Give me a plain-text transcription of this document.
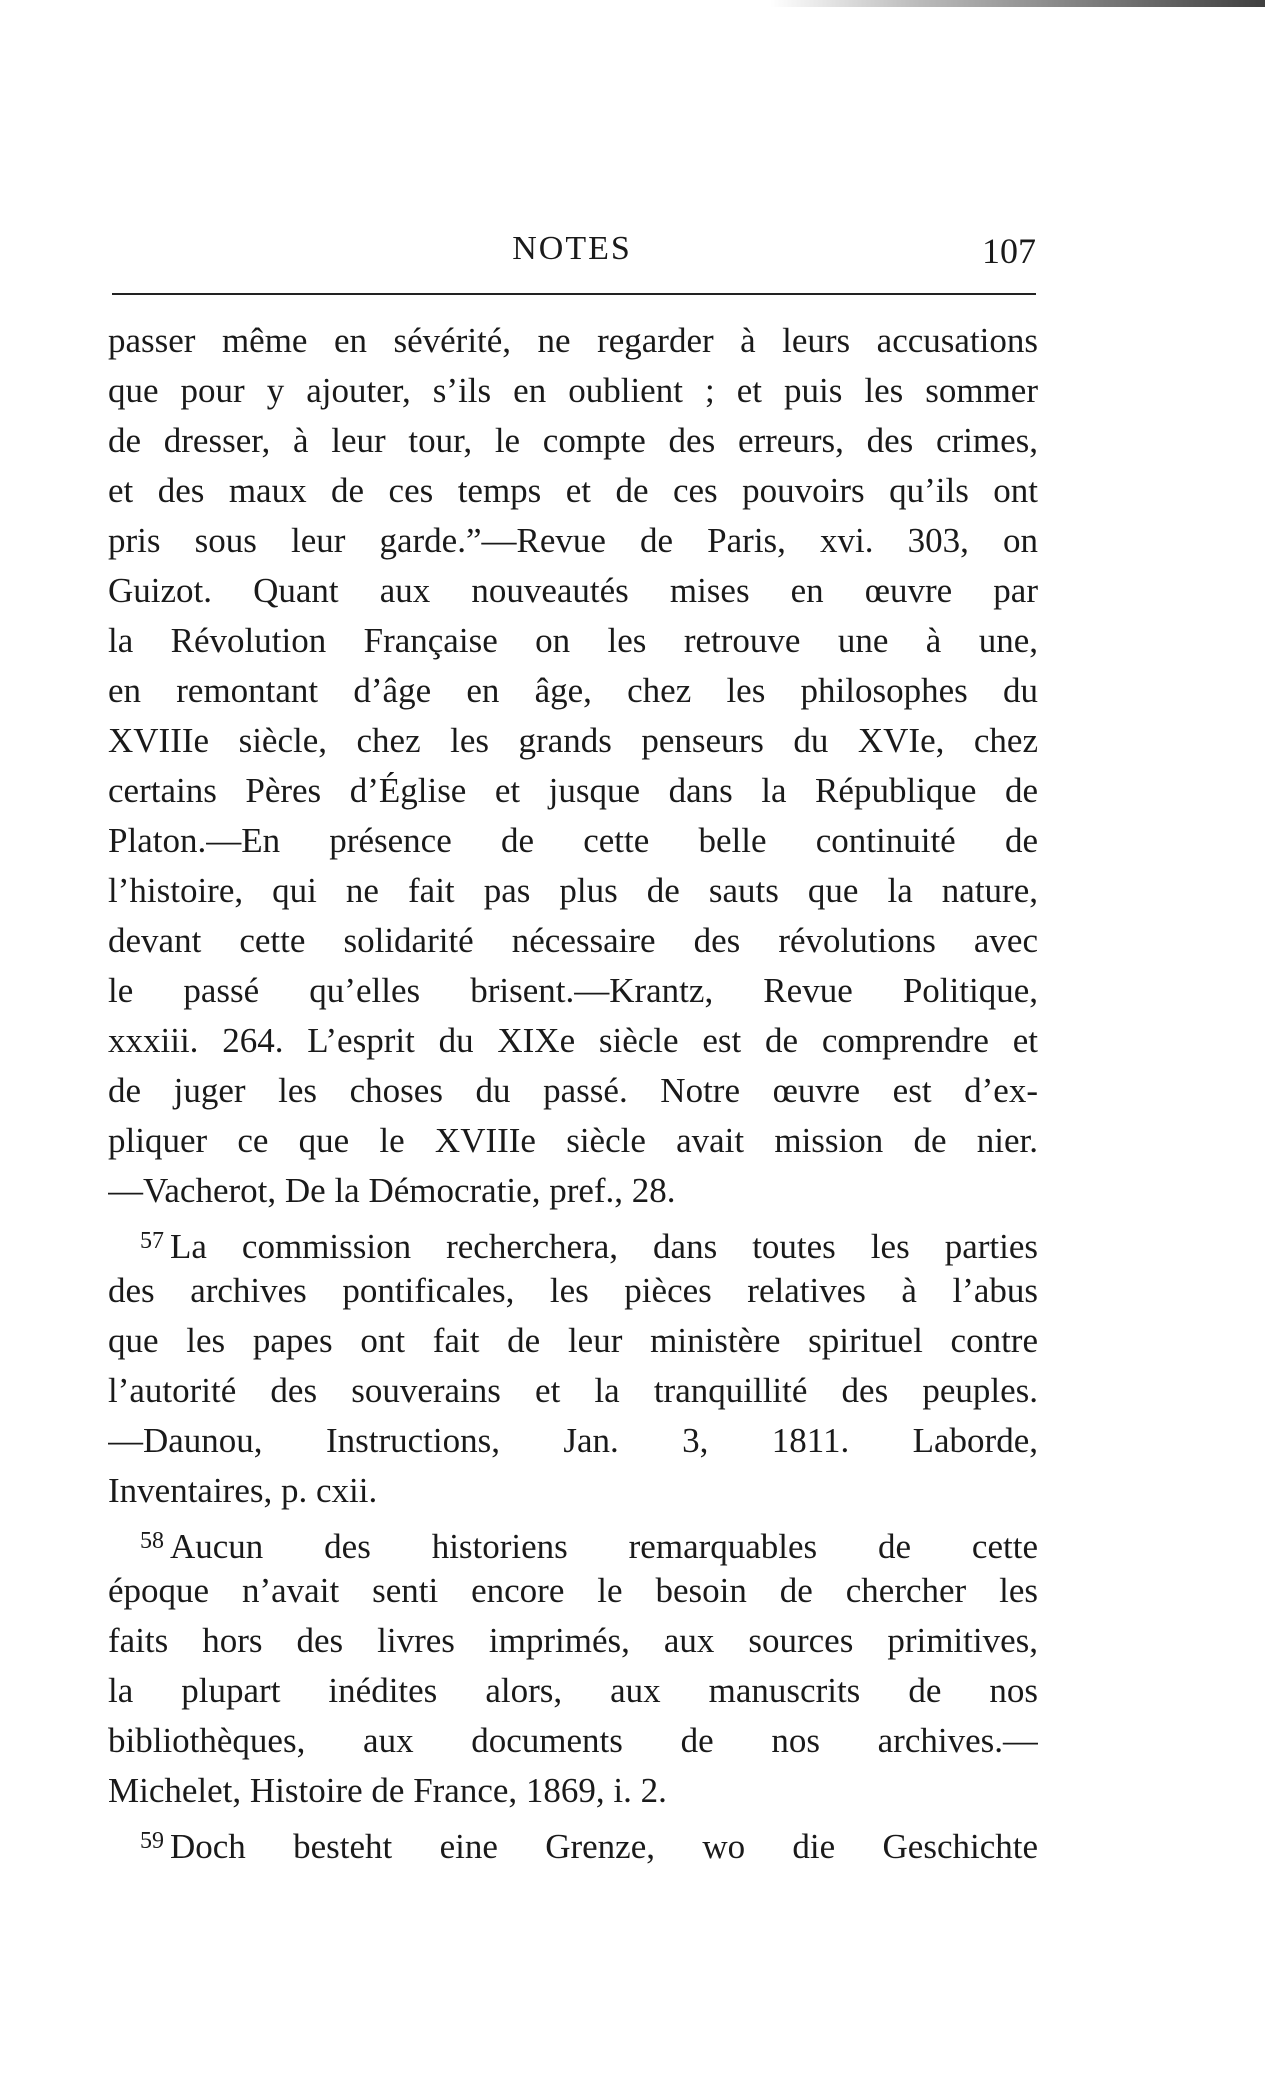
NOTES	107
passer même en sévérité, ne regarder à leurs accusations
que pour y ajouter, s’ils en oublient ; et puis les sommer
de dresser, à leur tour, le compte des erreurs, des crimes,
et des maux de ces temps et de ces pouvoirs qu’ils ont
pris sous leur garde.”—Revue de Paris, xvi. 303, on
Guizot. Quant aux nouveautés mises en œuvre par
la Révolution Française on les retrouve une à une,
en remontant d’âge en âge, chez les philosophes du
XVIIIe siècle, chez les grands penseurs du XVIe, chez
certains Pères d’Église et jusque dans la République de
Platon.—En présence de cette belle continuité de
l’histoire, qui ne fait pas plus de sauts que la nature,
devant cette solidarité nécessaire des révolutions avec
le passé qu’elles brisent.—Krantz, Revue Politique,
xxxiii. 264. L’esprit du XIXe siècle est de comprendre et
de juger les choses du passé. Notre œuvre est d’ex-
pliquer ce que le XVIIIe siècle avait mission de nier.
—Vacherot, De la Démocratie, pref., 28.
$^{57}$ La commission recherchera, dans toutes les parties
des archives pontificales, les pièces relatives à l’abus
que les papes ont fait de leur ministère spirituel contre
l’autorité des souverains et la tranquillité des peuples.
—Daunou, Instructions, Jan. 3, 1811. Laborde,
Inventaires, p. cxii.
$^{58}$ Aucun des historiens remarquables de cette
époque n’avait senti encore le besoin de chercher les
faits hors des livres imprimés, aux sources primitives,
la plupart inédites alors, aux manuscrits de nos
bibliothèques, aux documents de nos archives.—
Michelet, Histoire de France, 1869, i. 2.
$^{59}$ Doch besteht eine Grenze, wo die Geschichte
